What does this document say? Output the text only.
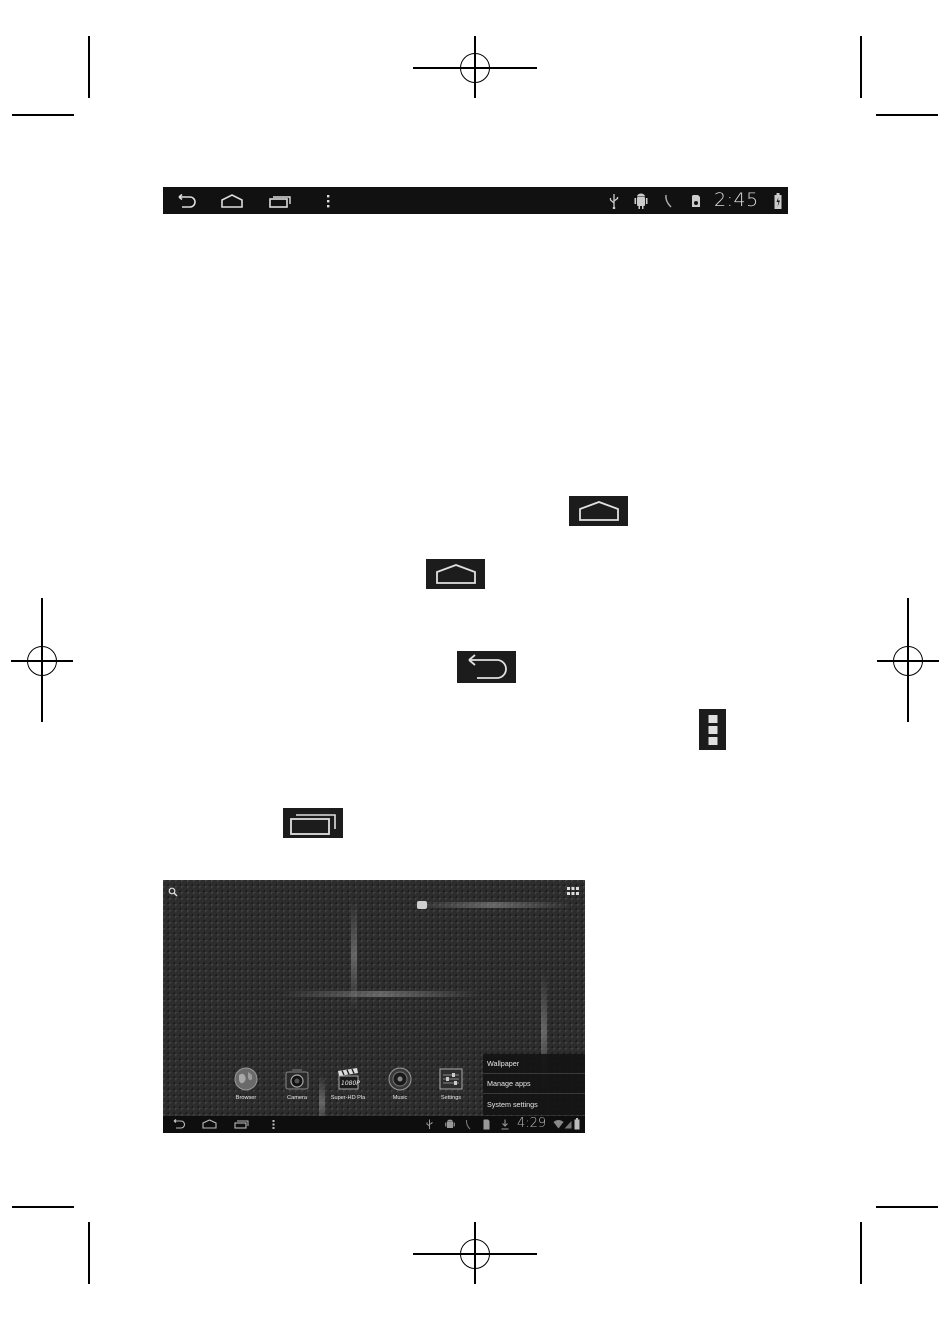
2:45
Browser	Camera
1080P
Super-HD Pla	Music	Settings
Wallpaper
Manage apps
System settings
4:29
